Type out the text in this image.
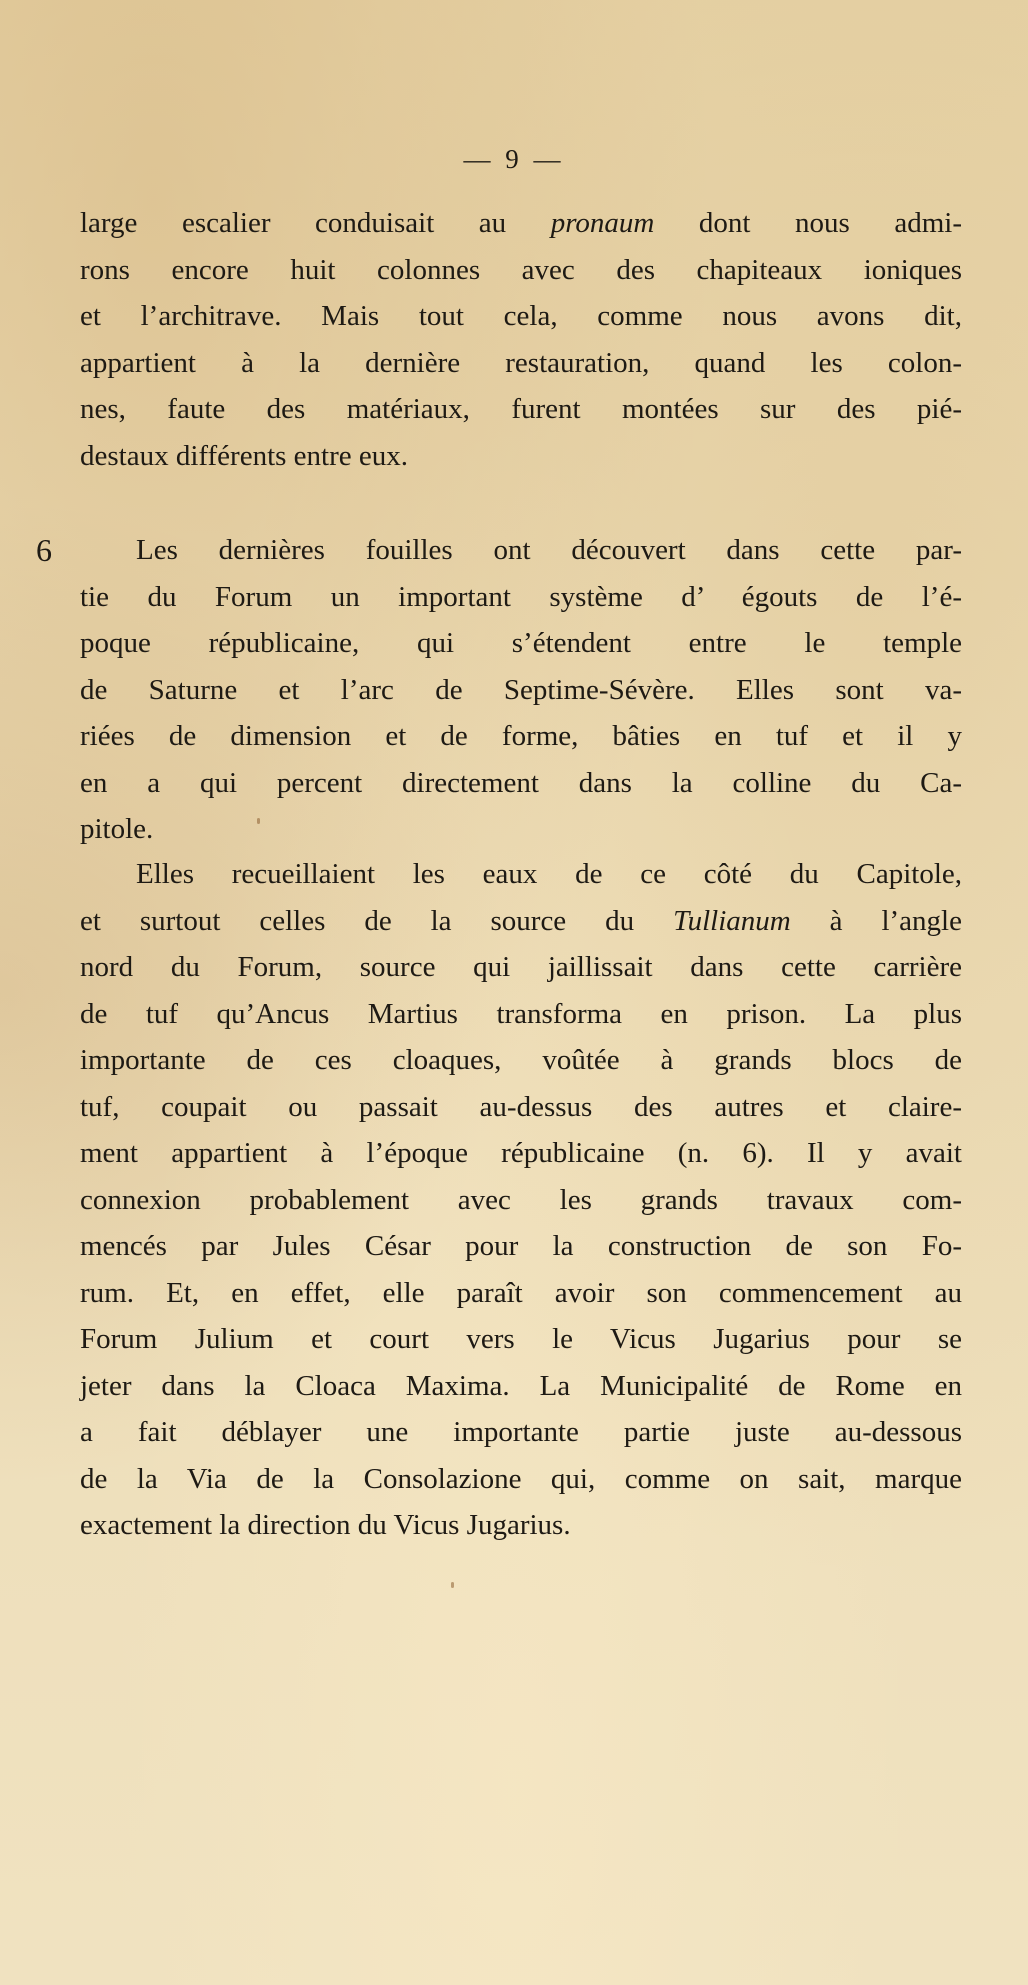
— 9 —
6
large escalier conduisait au pronaum dont nous admi-
rons encore huit colonnes avec des chapiteaux ioniques
et l’architrave. Mais tout cela, comme nous avons dit,
appartient à la dernière restauration, quand les colon-
nes, faute des matériaux, furent montées sur des pié-
destaux différents entre eux.
Les dernières fouilles ont découvert dans cette par-
tie du Forum un important système d’ égouts de l’é-
poque républicaine, qui s’étendent entre le temple
de Saturne et l’arc de Septime-Sévère. Elles sont va-
riées de dimension et de forme, bâties en tuf et il y
en a qui percent directement dans la colline du Ca-
pitole.
Elles recueillaient les eaux de ce côté du Capitole,
et surtout celles de la source du Tullianum à l’angle
nord du Forum, source qui jaillissait dans cette carrière
de tuf qu’Ancus Martius transforma en prison. La plus
importante de ces cloaques, voûtée à grands blocs de
tuf, coupait ou passait au-dessus des autres et claire-
ment appartient à l’époque républicaine (n. 6). Il y avait
connexion probablement avec les grands travaux com-
mencés par Jules César pour la construction de son Fo-
rum. Et, en effet, elle paraît avoir son commencement au
Forum Julium et court vers le Vicus Jugarius pour se
jeter dans la Cloaca Maxima. La Municipalité de Rome en
a fait déblayer une importante partie juste au-dessous
de la Via de la Consolazione qui, comme on sait, marque
exactement la direction du Vicus Jugarius.
